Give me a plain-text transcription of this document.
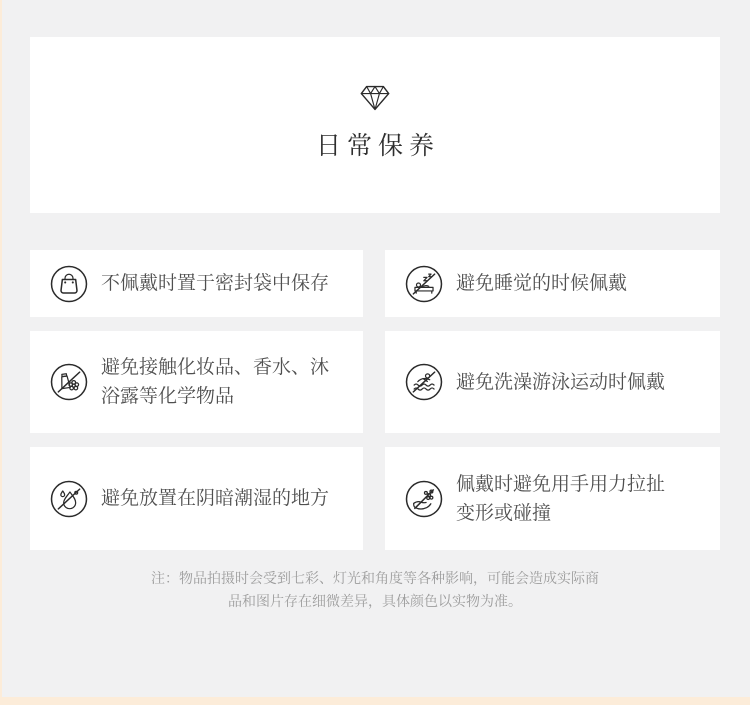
日常保养
不佩戴时置于密封袋中保存	避免睡觉的时候佩戴
避免接触化妆品、香水、沐
浴露等化学物品
避免洗澡游泳运动时佩戴
避免放置在阴暗潮湿的地方
佩戴时避免用手用力拉扯
变形或碰撞
注：物品拍摄时会受到七彩、灯光和角度等各种影响，可能会造成实际商
品和图片存在细微差异，具体颜色以实物为准。
